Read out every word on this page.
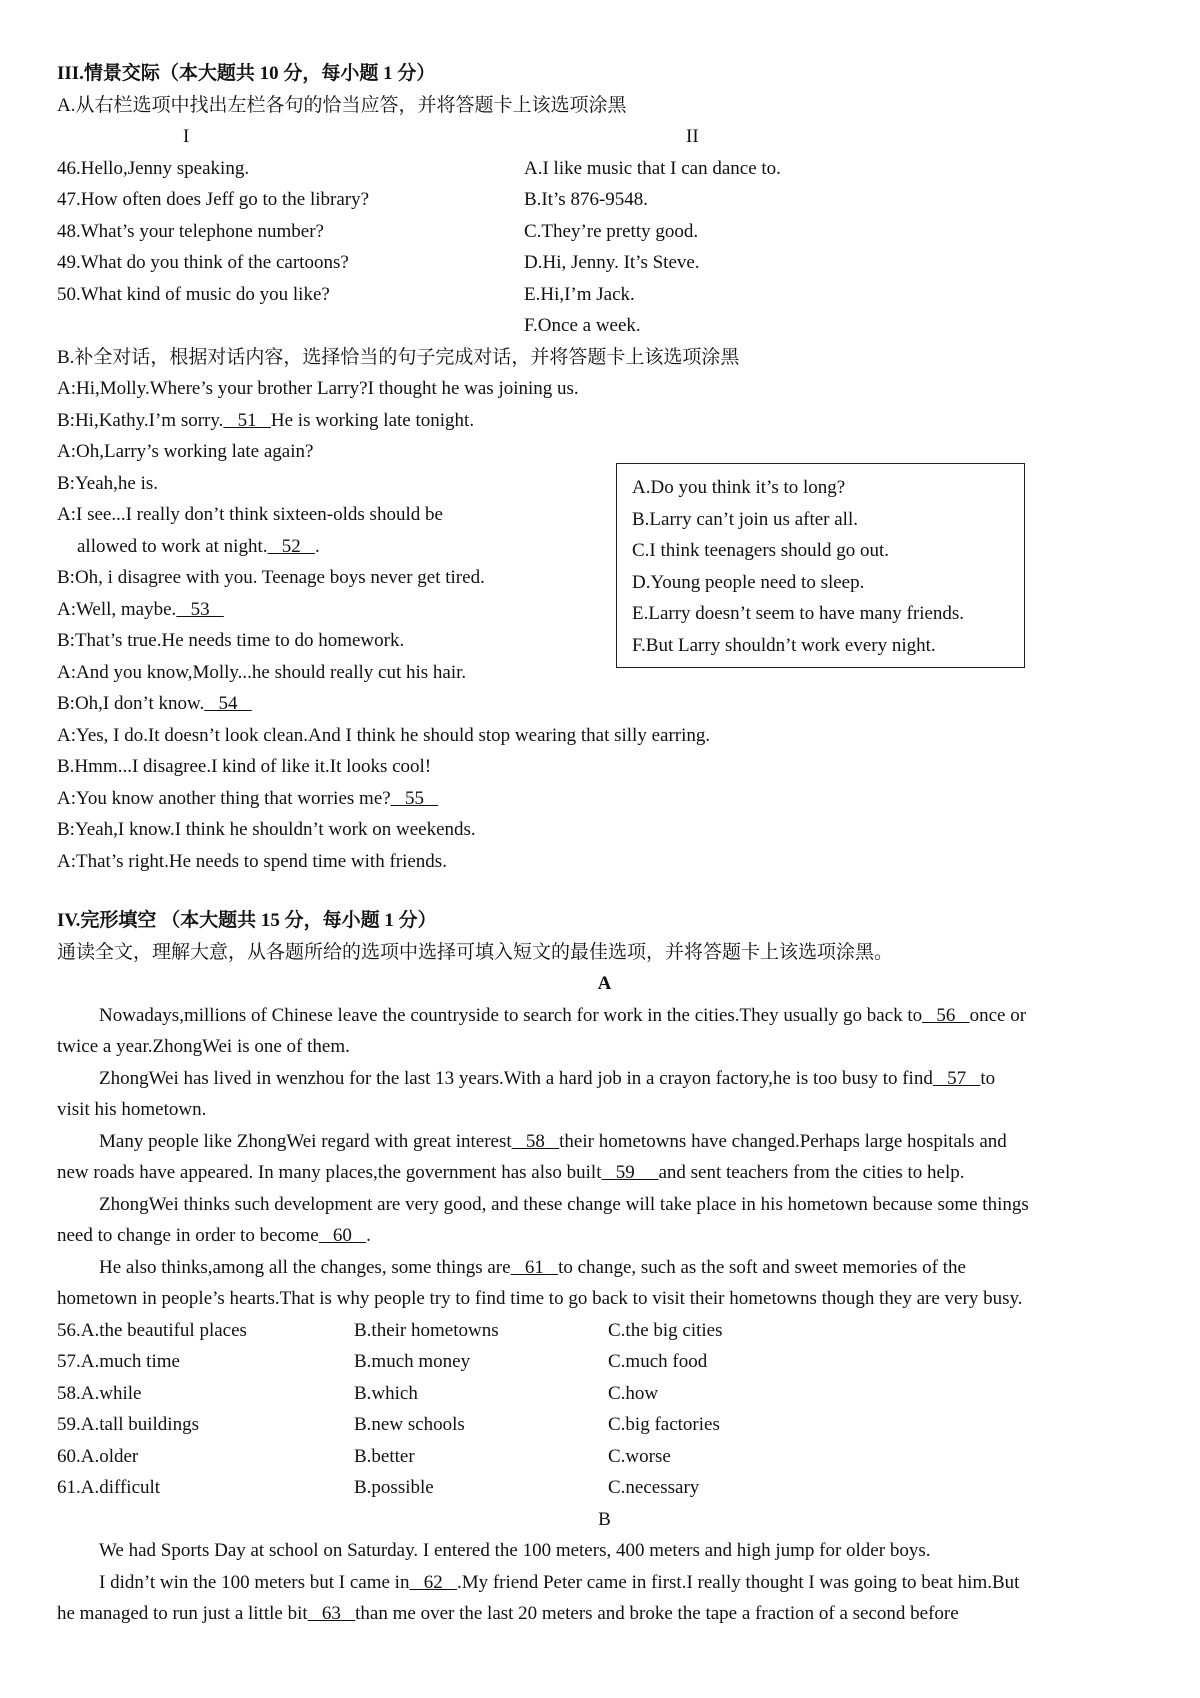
III.情景交际（本大题共 10 分，每小题 1 分）
A.从右栏选项中找出左栏各句的恰当应答，并将答题卡上该选项涂黑
I
46.Hello,Jenny speaking.
47.How often does Jeff go to the library?
48.What’s your telephone number?
49.What do you think of the cartoons?
50.What kind of music do you like?
II
A.I like music that I can dance to.
B.It’s 876-9548.
C.They’re pretty good.
D.Hi, Jenny. It’s Steve.
E.Hi,I’m Jack.
F.Once a week.
B.补全对话，根据对话内容，选择恰当的句子完成对话，并将答题卡上该选项涂黑
A:Hi,Molly.Where’s your brother Larry?I thought he was joining us.
B:Hi,Kathy.I’m sorry.   51   He is working late tonight.
A:Oh,Larry’s working late again?
B:Yeah,he is.
A:I see...I really don’t think sixteen-olds should be
allowed to work at night.   52   .
B:Oh, i disagree with you. Teenage boys never get tired.
A:Well, maybe.   53
B:That’s true.He needs time to do homework.
A:And you know,Molly...he should really cut his hair.
B:Oh,I don’t know.   54
A:Yes, I do.It doesn’t look clean.And I think he should stop wearing that silly earring.
B.Hmm...I disagree.I kind of like it.It looks cool!
A:You know another thing that worries me?   55
B:Yeah,I know.I think he shouldn’t work on weekends.
A:That’s right.He needs to spend time with friends.
A.Do you think it’s to long?
B.Larry can’t join us after all.
C.I think teenagers should go out.
D.Young people need to sleep.
E.Larry doesn’t seem to have many friends.
F.But Larry shouldn’t work every night.
IV.完形填空 （本大题共 15 分，每小题 1 分）
通读全文，理解大意，从各题所给的选项中选择可填入短文的最佳选项，并将答题卡上该选项涂黑。
A
Nowadays,millions of Chinese leave the countryside to search for work in the cities.They usually go back to   56   once or
twice a year.ZhongWei is one of them.
ZhongWei has lived in wenzhou for the last 13 years.With a hard job in a crayon factory,he is too busy to find   57   to
visit his hometown.
Many people like ZhongWei regard with great interest   58   their hometowns have changed.Perhaps large hospitals and
new roads have appeared. In many places,the government has also built   59     and sent teachers from the cities to help.
ZhongWei thinks such development are very good, and these change will take place in his hometown because some things
need to change in order to become   60   .
He also thinks,among all the changes, some things are   61   to change, such as the soft and sweet memories of the
hometown in people’s hearts.That is why people try to find time to go back to visit their hometowns though they are very busy.
56.A.the beautiful places	B.their hometowns	C.the big cities
57.A.much time	B.much money	C.much food
58.A.while	B.which	C.how
59.A.tall buildings	B.new schools	C.big factories
60.A.older	B.better	C.worse
61.A.difficult	B.possible	C.necessary
B
We had Sports Day at school on Saturday. I entered the 100 meters, 400 meters and high jump for older boys.
I didn’t win the 100 meters but I came in   62   .My friend Peter came in first.I really thought I was going to beat him.But
he managed to run just a little bit   63   than me over the last 20 meters and broke the tape a fraction of a second before
